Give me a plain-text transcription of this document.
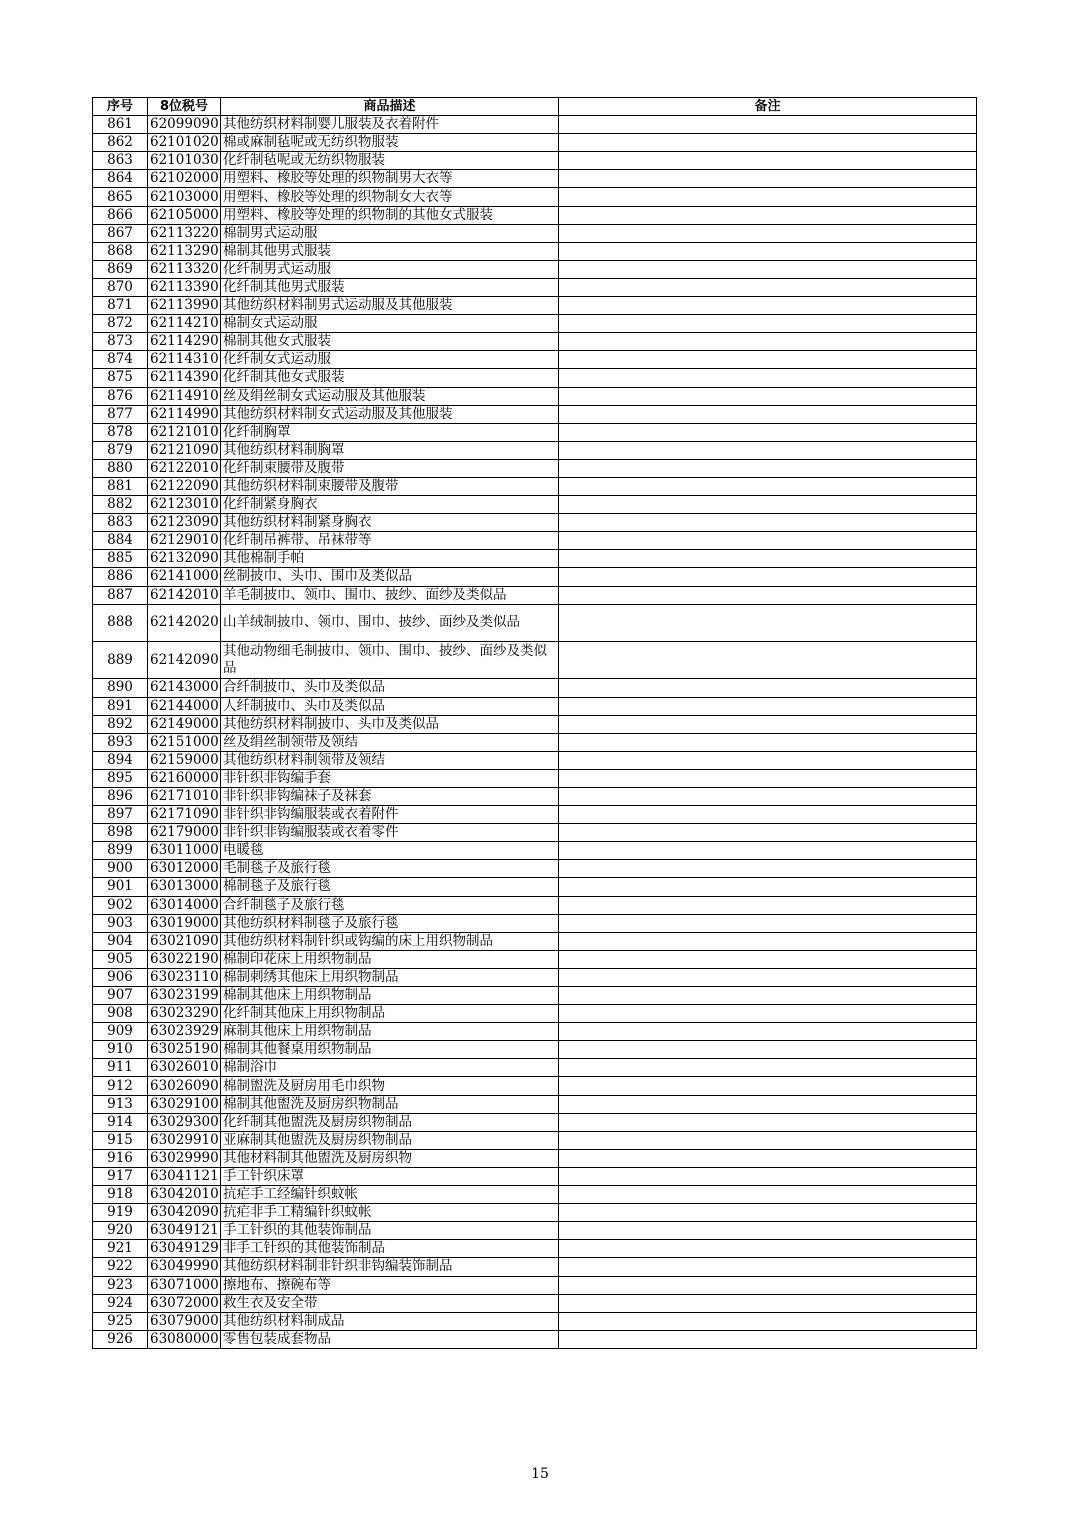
序号	8位税号	商品描述	备注
861	62099090	其他纺织材料制婴儿服装及衣着附件	
862	62101020	棉或麻制毡呢或无纺织物服装	
863	62101030	化纤制毡呢或无纺织物服装	
864	62102000	用塑料、橡胶等处理的织物制男大衣等	
865	62103000	用塑料、橡胶等处理的织物制女大衣等	
866	62105000	用塑料、橡胶等处理的织物制的其他女式服装	
867	62113220	棉制男式运动服	
868	62113290	棉制其他男式服装	
869	62113320	化纤制男式运动服	
870	62113390	化纤制其他男式服装	
871	62113990	其他纺织材料制男式运动服及其他服装	
872	62114210	棉制女式运动服	
873	62114290	棉制其他女式服装	
874	62114310	化纤制女式运动服	
875	62114390	化纤制其他女式服装	
876	62114910	丝及绢丝制女式运动服及其他服装	
877	62114990	其他纺织材料制女式运动服及其他服装	
878	62121010	化纤制胸罩	
879	62121090	其他纺织材料制胸罩	
880	62122010	化纤制束腰带及腹带	
881	62122090	其他纺织材料制束腰带及腹带	
882	62123010	化纤制紧身胸衣	
883	62123090	其他纺织材料制紧身胸衣	
884	62129010	化纤制吊裤带、吊袜带等	
885	62132090	其他棉制手帕	
886	62141000	丝制披巾、头巾、围巾及类似品	
887	62142010	羊毛制披巾、领巾、围巾、披纱、面纱及类似品	
888	62142020	山羊绒制披巾、领巾、围巾、披纱、面纱及类似品	
889	62142090	其他动物细毛制披巾、领巾、围巾、披纱、面纱及类似品	
890	62143000	合纤制披巾、头巾及类似品	
891	62144000	人纤制披巾、头巾及类似品	
892	62149000	其他纺织材料制披巾、头巾及类似品	
893	62151000	丝及绢丝制领带及领结	
894	62159000	其他纺织材料制领带及领结	
895	62160000	非针织非钩编手套	
896	62171010	非针织非钩编袜子及袜套	
897	62171090	非针织非钩编服装或衣着附件	
898	62179000	非针织非钩编服装或衣着零件	
899	63011000	电暖毯	
900	63012000	毛制毯子及旅行毯	
901	63013000	棉制毯子及旅行毯	
902	63014000	合纤制毯子及旅行毯	
903	63019000	其他纺织材料制毯子及旅行毯	
904	63021090	其他纺织材料制针织或钩编的床上用织物制品	
905	63022190	棉制印花床上用织物制品	
906	63023110	棉制刺绣其他床上用织物制品	
907	63023199	棉制其他床上用织物制品	
908	63023290	化纤制其他床上用织物制品	
909	63023929	麻制其他床上用织物制品	
910	63025190	棉制其他餐桌用织物制品	
911	63026010	棉制浴巾	
912	63026090	棉制盥洗及厨房用毛巾织物	
913	63029100	棉制其他盥洗及厨房织物制品	
914	63029300	化纤制其他盥洗及厨房织物制品	
915	63029910	亚麻制其他盥洗及厨房织物制品	
916	63029990	其他材料制其他盥洗及厨房织物	
917	63041121	手工针织床罩	
918	63042010	抗疟手工经编针织蚊帐	
919	63042090	抗疟非手工精编针织蚊帐	
920	63049121	手工针织的其他装饰制品	
921	63049129	非手工针织的其他装饰制品	
922	63049990	其他纺织材料制非针织非钩编装饰制品	
923	63071000	擦地布、擦碗布等	
924	63072000	救生衣及安全带	
925	63079000	其他纺织材料制成品	
926	63080000	零售包装成套物品	
15
